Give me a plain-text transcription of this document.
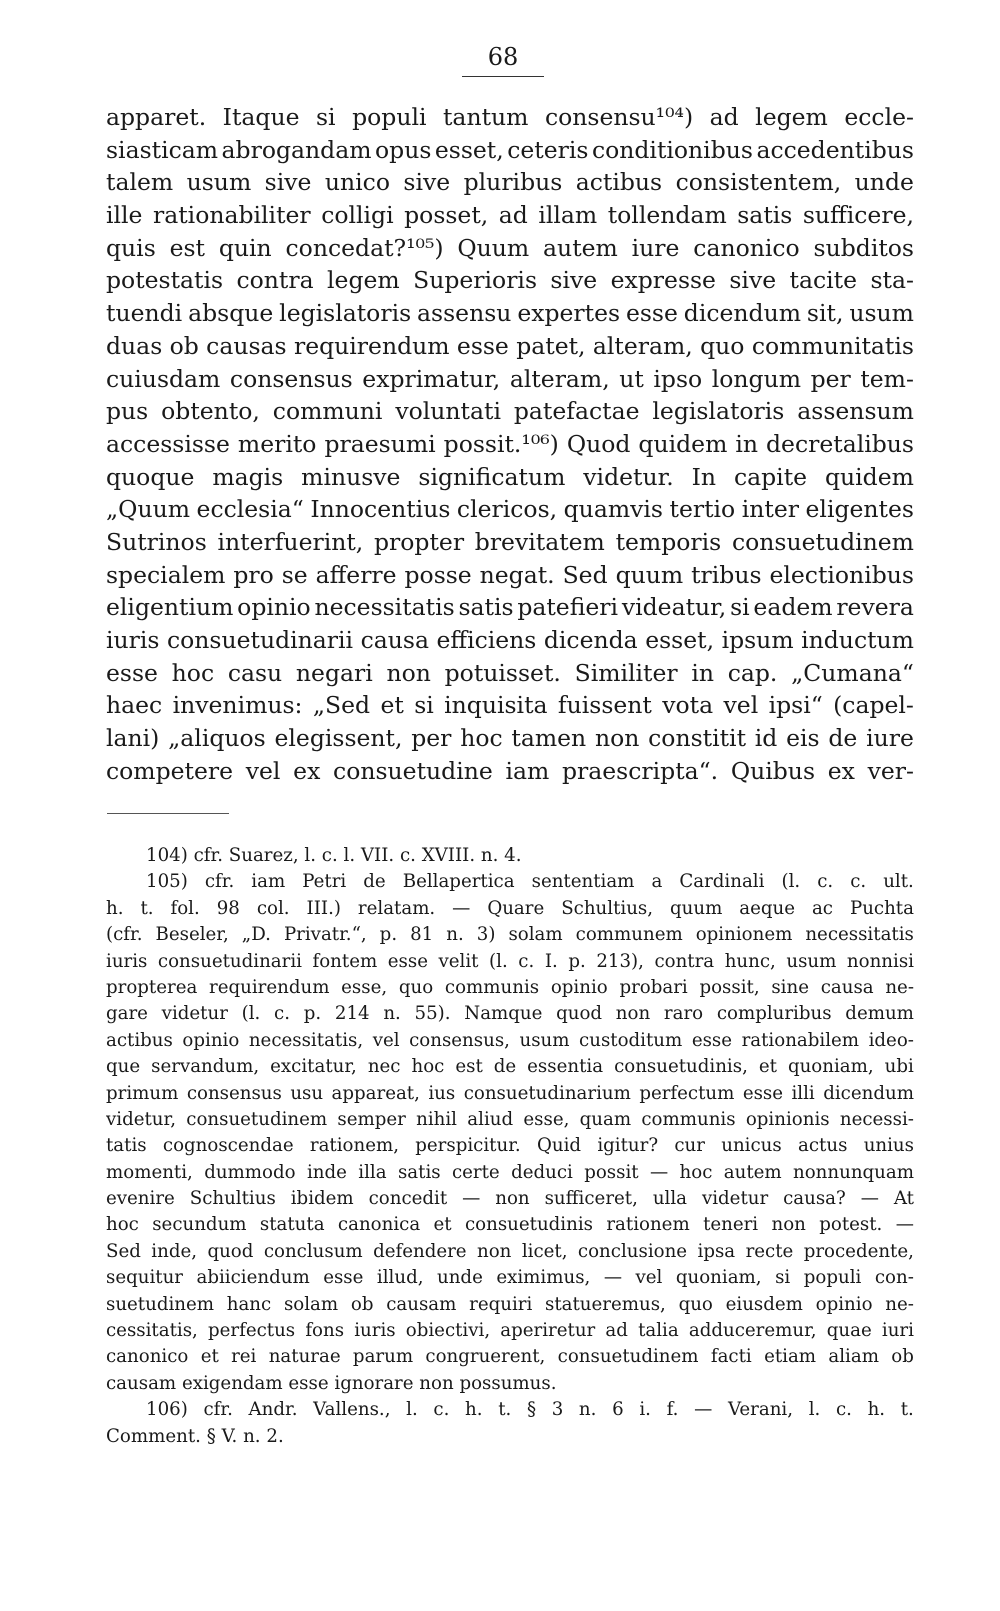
68
apparet. Itaque si populi tantum consensu¹⁰⁴) ad legem eccle-
siasticam abrogandam opus esset, ceteris conditionibus accedentibus
talem usum sive unico sive pluribus actibus consistentem, unde
ille rationabiliter colligi posset, ad illam tollendam satis sufficere,
quis est quin concedat?¹⁰⁵) Quum autem iure canonico subditos
potestatis contra legem Superioris sive expresse sive tacite sta-
tuendi absque legislatoris assensu expertes esse dicendum sit, usum
duas ob causas requirendum esse patet, alteram, quo communitatis
cuiusdam consensus exprimatur, alteram, ut ipso longum per tem-
pus obtento, communi voluntati patefactae legislatoris assensum
accessisse merito praesumi possit.¹⁰⁶) Quod quidem in decretalibus
quoque magis minusve significatum videtur. In capite quidem
„Quum ecclesia“ Innocentius clericos, quamvis tertio inter eligentes
Sutrinos interfuerint, propter brevitatem temporis consuetudinem
specialem pro se afferre posse negat. Sed quum tribus electionibus
eligentium opinio necessitatis satis patefieri videatur, si eadem revera
iuris consuetudinarii causa efficiens dicenda esset, ipsum inductum
esse hoc casu negari non potuisset. Similiter in cap. „Cumana“
haec invenimus: „Sed et si inquisita fuissent vota vel ipsi“ (capel-
lani) „aliquos elegissent, per hoc tamen non constitit id eis de iure
competere vel ex consuetudine iam praescripta“. Quibus ex ver-
104) cfr. Suarez, l. c. l. VII. c. XVIII. n. 4.
105) cfr. iam Petri de Bellapertica sententiam a Cardinali (l. c. c. ult.
h. t. fol. 98 col. III.) relatam. — Quare Schultius, quum aeque ac Puchta
(cfr. Beseler, „D. Privatr.“, p. 81 n. 3) solam communem opinionem necessitatis
iuris consuetudinarii fontem esse velit (l. c. I. p. 213), contra hunc, usum nonnisi
propterea requirendum esse, quo communis opinio probari possit, sine causa ne-
gare videtur (l. c. p. 214 n. 55). Namque quod non raro compluribus demum
actibus opinio necessitatis, vel consensus, usum custoditum esse rationabilem ideo-
que servandum, excitatur, nec hoc est de essentia consuetudinis, et quoniam, ubi
primum consensus usu appareat, ius consuetudinarium perfectum esse illi dicendum
videtur, consuetudinem semper nihil aliud esse, quam communis opinionis necessi-
tatis cognoscendae rationem, perspicitur. Quid igitur? cur unicus actus unius
momenti, dummodo inde illa satis certe deduci possit — hoc autem nonnunquam
evenire Schultius ibidem concedit — non sufficeret, ulla videtur causa? — At
hoc secundum statuta canonica et consuetudinis rationem teneri non potest. —
Sed inde, quod conclusum defendere non licet, conclusione ipsa recte procedente,
sequitur abiiciendum esse illud, unde eximimus, — vel quoniam, si populi con-
suetudinem hanc solam ob causam requiri statueremus, quo eiusdem opinio ne-
cessitatis, perfectus fons iuris obiectivi, aperiretur ad talia adduceremur, quae iuri
canonico et rei naturae parum congruerent, consuetudinem facti etiam aliam ob
causam exigendam esse ignorare non possumus.
106) cfr. Andr. Vallens., l. c. h. t. § 3 n. 6 i. f. — Verani, l. c. h. t.
Comment. § V. n. 2.
